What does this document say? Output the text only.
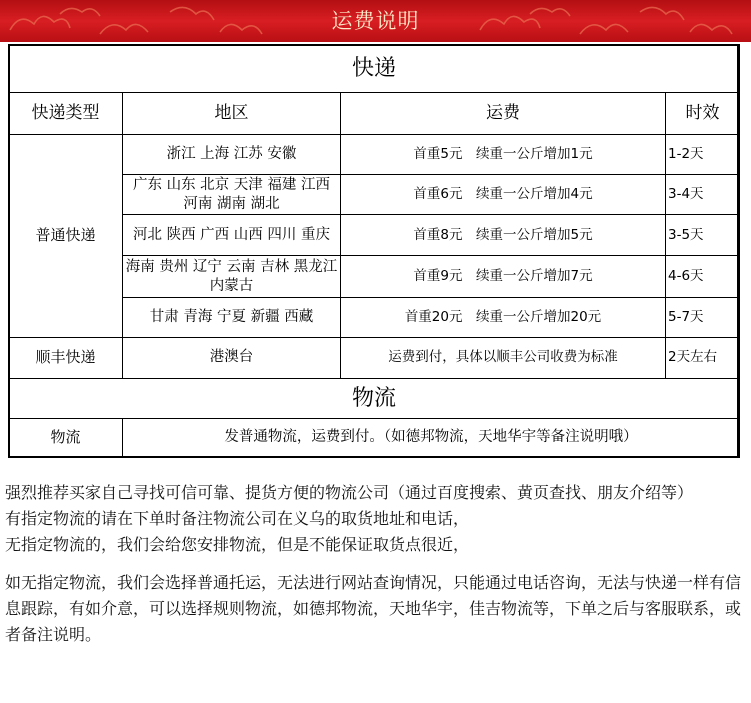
运费说明
快递			
快递类型	地区	运费	时效
普通快递	浙江 上海 江苏 安徽	首重5元　续重一公斤增加1元	1-2天
	广东 山东 北京 天津 福建 江西 河南 湖南 湖北	首重6元　续重一公斤增加4元	3-4天
	河北 陕西 广西 山西 四川 重庆	首重8元　续重一公斤增加5元	3-5天
	海南 贵州 辽宁 云南 吉林 黑龙江 内蒙古	首重9元　续重一公斤增加7元	4-6天
	甘肃 青海 宁夏 新疆 西藏	首重20元　续重一公斤增加20元	5-7天
顺丰快递	港澳台	运费到付，具体以顺丰公司收费为标准	2天左右
物流			
物流	发普通物流，运费到付。（如德邦物流，天地华宇等备注说明哦）		

强烈推荐买家自己寻找可信可靠、提货方便的物流公司（通过百度搜索、黄页查找、朋友介绍等）

有指定物流的请在下单时备注物流公司在义乌的取货地址和电话，

无指定物流的，我们会给您安排物流，但是不能保证取货点很近，

如无指定物流，我们会选择普通托运，无法进行网站查询情况，只能通过电话咨询，无法与快递一样有信息跟踪，有如介意，可以选择规则物流，如德邦物流，天地华宇，佳吉物流等，下单之后与客服联系，或者备注说明。
